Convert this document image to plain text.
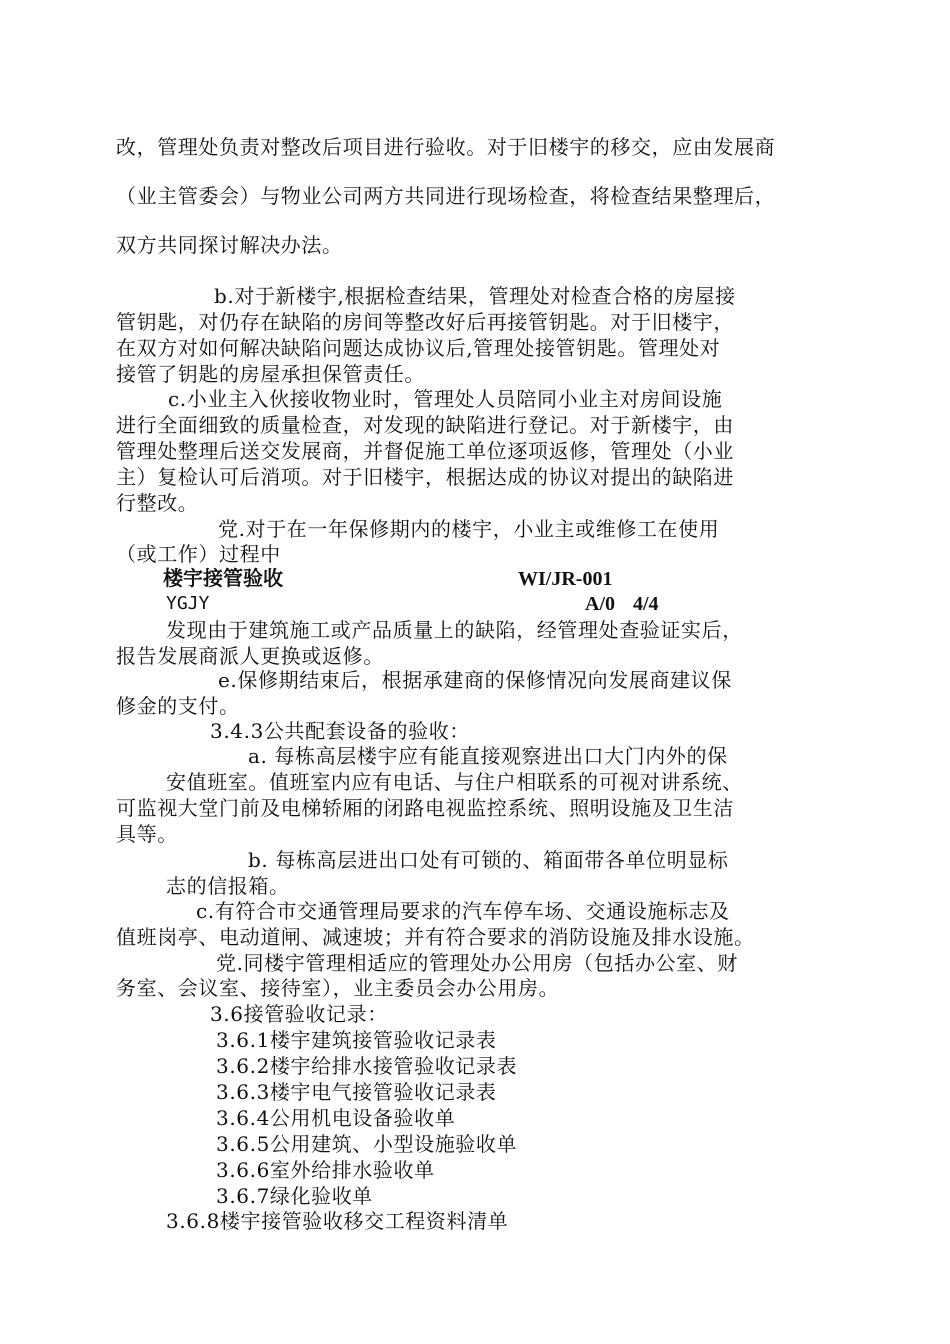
改，管理处负责对整改后项目进行验收。对于旧楼宇的移交，应由发展商
（业主管委会）与物业公司两方共同进行现场检查，将检查结果整理后，
双方共同探讨解决办法。
b.对于新楼宇,根据检查结果，管理处对检查合格的房屋接
管钥匙，对仍存在缺陷的房间等整改好后再接管钥匙。对于旧楼宇，
在双方对如何解决缺陷问题达成协议后,管理处接管钥匙。管理处对
接管了钥匙的房屋承担保管责任。
c.小业主入伙接收物业时，管理处人员陪同小业主对房间设施
进行全面细致的质量检查，对发现的缺陷进行登记。对于新楼宇，由
管理处整理后送交发展商，并督促施工单位逐项返修，管理处（小业
主）复检认可后消项。对于旧楼宇，根据达成的协议对提出的缺陷进
行整改。
党.对于在一年保修期内的楼宇，小业主或维修工在使用
（或工作）过程中
楼宇接管验收	WI/JR-001
YGJY	A/0 4/4
发现由于建筑施工或产品质量上的缺陷，经管理处查验证实后，
报告发展商派人更换或返修。
e.保修期结束后，根据承建商的保修情况向发展商建议保
修金的支付。
3.4.3公共配套设备的验收：
a. 每栋高层楼宇应有能直接观察进出口大门内外的保
安值班室。值班室内应有电话、与住户相联系的可视对讲系统、
可监视大堂门前及电梯轿厢的闭路电视监控系统、照明设施及卫生洁
具等。
b. 每栋高层进出口处有可锁的、箱面带各单位明显标
志的信报箱。
c.有符合市交通管理局要求的汽车停车场、交通设施标志及
值班岗亭、电动道闸、减速坡；并有符合要求的消防设施及排水设施。
党.同楼宇管理相适应的管理处办公用房（包括办公室、财
务室、会议室、接待室），业主委员会办公用房。
3.6接管验收记录：
3.6.1楼宇建筑接管验收记录表
3.6.2楼宇给排水接管验收记录表
3.6.3楼宇电气接管验收记录表
3.6.4公用机电设备验收单
3.6.5公用建筑、小型设施验收单
3.6.6室外给排水验收单
3.6.7绿化验收单
3.6.8楼宇接管验收移交工程资料清单
